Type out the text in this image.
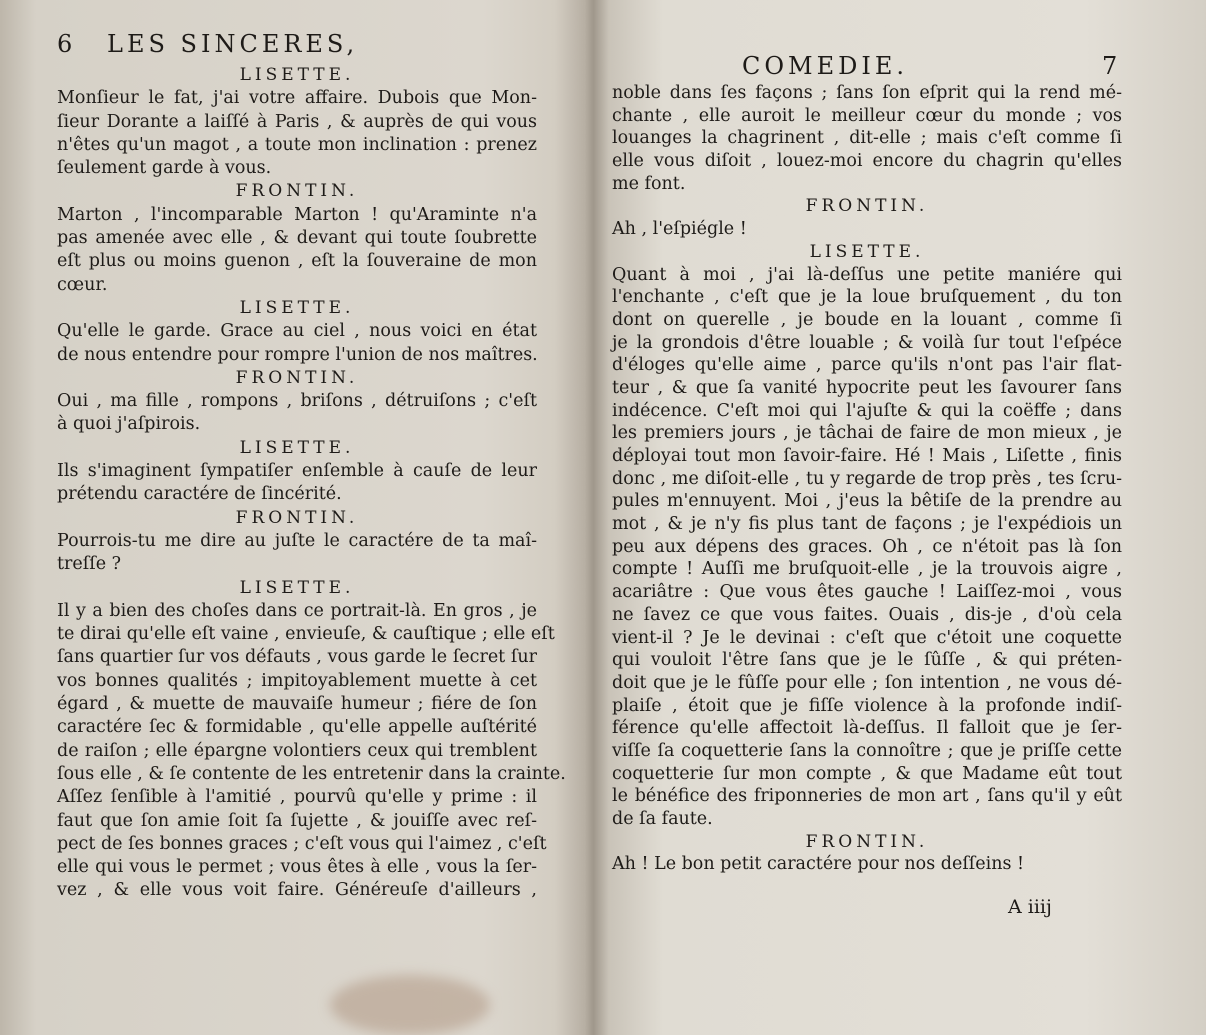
6 LES SINCERES,
LISETTE.
Monſieur le fat, j'ai votre affaire. Dubois que Mon-
ſieur Dorante a laiſſé à Paris , & auprès de qui vous
n'êtes qu'un magot , a toute mon inclination : prenez
ſeulement garde à vous.
FRONTIN.
Marton , l'incomparable Marton ! qu'Araminte n'a
pas amenée avec elle , & devant qui toute ſoubrette
eſt plus ou moins guenon , eſt la ſouveraine de mon
cœur.
LISETTE.
Qu'elle le garde. Grace au ciel , nous voici en état
de nous entendre pour rompre l'union de nos maîtres.
FRONTIN.
Oui , ma fille , rompons , briſons , détruiſons ; c'eſt
à quoi j'aſpirois.
LISETTE.
Ils s'imaginent ſympatiſer enſemble à cauſe de leur
prétendu caractére de ſincérité.
FRONTIN.
Pourrois-tu me dire au juſte le caractére de ta maî-
treſſe ?
LISETTE.
Il y a bien des choſes dans ce portrait-là. En gros , je
te dirai qu'elle eſt vaine , envieuſe, & cauſtique ; elle eſt
ſans quartier ſur vos défauts , vous garde le ſecret ſur
vos bonnes qualités ; impitoyablement muette à cet
égard , & muette de mauvaiſe humeur ; fiére de ſon
caractére ſec & formidable , qu'elle appelle auſtérité
de raiſon ; elle épargne volontiers ceux qui tremblent
ſous elle , & ſe contente de les entretenir dans la crainte.
Aſſez ſenſible à l'amitié , pourvû qu'elle y prime : il
faut que ſon amie ſoit ſa ſujette , & jouiſſe avec reſ-
pect de ſes bonnes graces ; c'eſt vous qui l'aimez , c'eſt
elle qui vous le permet ; vous êtes à elle , vous la ſer-
vez , & elle vous voit faire. Généreuſe d'ailleurs ,
COMEDIE.	7
noble dans ſes façons ; ſans ſon eſprit qui la rend mé-
chante , elle auroit le meilleur cœur du monde ; vos
louanges la chagrinent , dit-elle ; mais c'eſt comme ſi
elle vous diſoit , louez-moi encore du chagrin qu'elles
me font.
FRONTIN.
Ah , l'eſpiégle !
LISETTE.
Quant à moi , j'ai là-deſſus une petite maniére qui
l'enchante , c'eſt que je la loue bruſquement , du ton
dont on querelle , je boude en la louant , comme ſi
je la grondois d'être louable ; & voilà ſur tout l'eſpéce
d'éloges qu'elle aime , parce qu'ils n'ont pas l'air flat-
teur , & que ſa vanité hypocrite peut les ſavourer ſans
indécence. C'eſt moi qui l'ajuſte & qui la coëffe ; dans
les premiers jours , je tâchai de faire de mon mieux , je
déployai tout mon ſavoir-faire. Hé ! Mais , Liſette , finis
donc , me diſoit-elle , tu y regarde de trop près , tes ſcru-
pules m'ennuyent. Moi , j'eus la bêtiſe de la prendre au
mot , & je n'y fis plus tant de façons ; je l'expédiois un
peu aux dépens des graces. Oh , ce n'étoit pas là ſon
compte ! Auſſi me bruſquoit-elle , je la trouvois aigre ,
acariâtre : Que vous êtes gauche ! Laiſſez-moi , vous
ne ſavez ce que vous faites. Ouais , dis-je , d'où cela
vient-il ? Je le devinai : c'eſt que c'étoit une coquette
qui vouloit l'être ſans que je le ſûſſe , & qui préten-
doit que je le fûſſe pour elle ; ſon intention , ne vous dé-
plaiſe , étoit que je fiſſe violence à la profonde indiſ-
férence qu'elle affectoit là-deſſus. Il falloit que je ſer-
viſſe ſa coquetterie ſans la connoître ; que je priſſe cette
coquetterie ſur mon compte , & que Madame eût tout
le bénéfice des friponneries de mon art , ſans qu'il y eût
de ſa faute.
FRONTIN.
Ah ! Le bon petit caractére pour nos deſſeins !
A iiij
